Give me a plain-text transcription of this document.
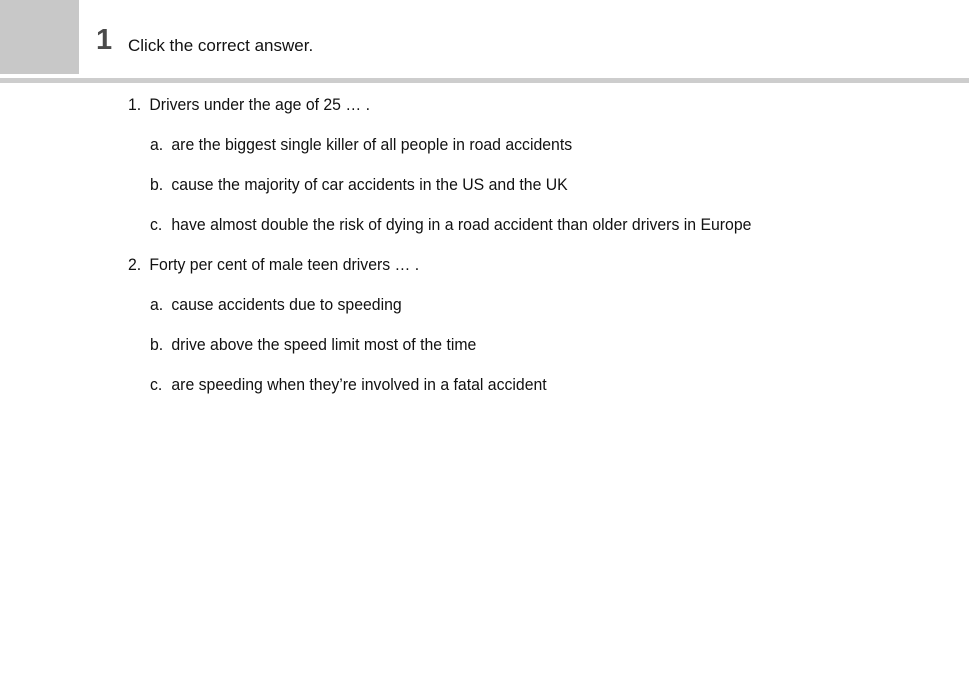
1 Click the correct answer.
1. Drivers under the age of 25 … .
a. are the biggest single killer of all people in road accidents
b. cause the majority of car accidents in the US and the UK
c. have almost double the risk of dying in a road accident than older drivers in Europe
2. Forty per cent of male teen drivers … .
a. cause accidents due to speeding
b. drive above the speed limit most of the time
c. are speeding when they’re involved in a fatal accident
